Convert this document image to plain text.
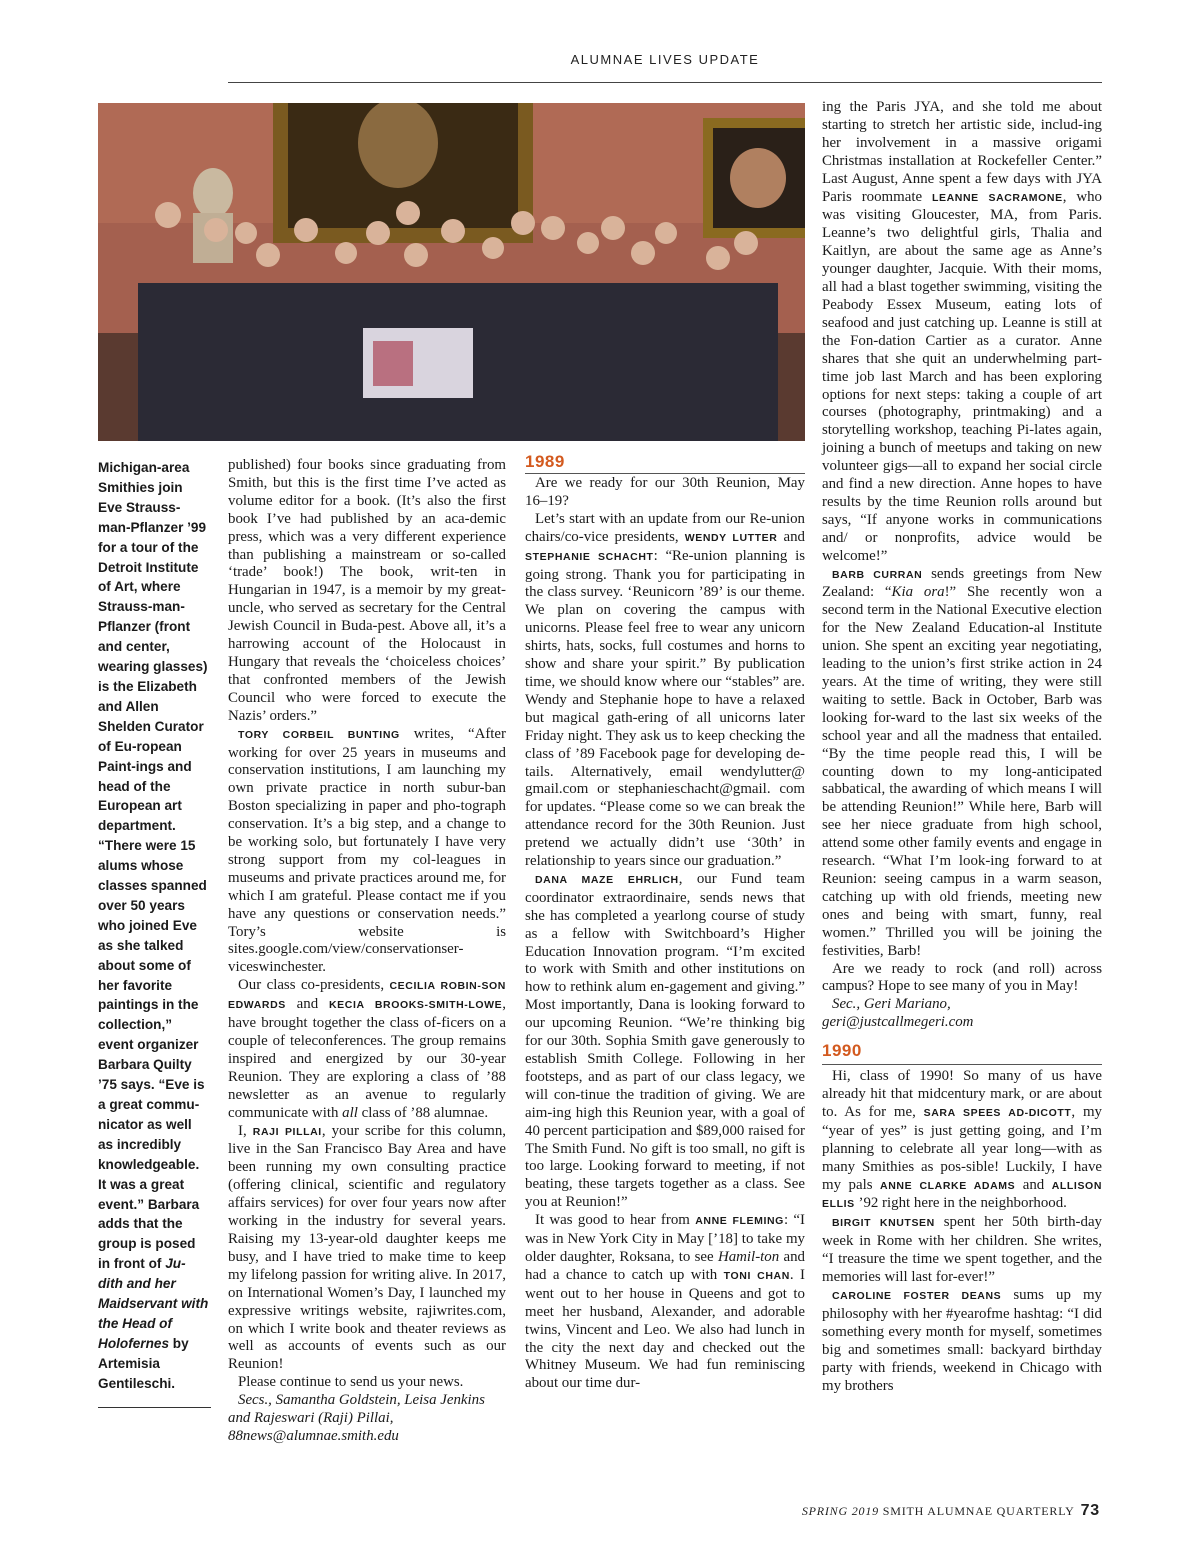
ALUMNAE LIVES UPDATE
Michigan-area Smithies join Eve Strauss-man-Pflanzer ’99 for a tour of the Detroit Institute of Art, where Strauss-man-Pflanzer (front and center, wearing glasses) is the Elizabeth and Allen Shelden Curator of Eu-ropean Paint-ings and head of the European art department. “There were 15 alums whose classes spanned over 50 years who joined Eve as she talked about some of her favorite paintings in the collection,” event organizer Barbara Quilty ’75 says. “Eve is a great commu-nicator as well as incredibly knowledgeable. It was a great event.” Barbara adds that the group is posed in front of Ju-dith and her Maidservant with the Head of Holofernes by Artemisia Gentileschi.

published) four books since graduating from Smith, but this is the first time I’ve acted as volume editor for a book. (It’s also the first book I’ve had published by an aca-demic press, which was a very different experience than publishing a mainstream or so-called ‘trade’ book!) The book, writ-ten in Hungarian in 1947, is a memoir by my great-uncle, who served as secretary for the Central Jewish Council in Buda-pest. Above all, it’s a harrowing account of the Holocaust in Hungary that reveals the ‘choiceless choices’ that confronted members of the Jewish Council who were forced to execute the Nazis’ orders.”

TORY CORBEIL BUNTING writes, “After working for over 25 years in museums and conservation institutions, I am launching my own private practice in north subur-ban Boston specializing in paper and pho-tograph conservation. It’s a big step, and a change to be working solo, but fortunately I have very strong support from my col-leagues in museums and private practices around me, for which I am grateful. Please contact me if you have any questions or conservation needs.” Tory’s website is sites.google.com/view/conservationser-viceswinchester.

Our class co-presidents, CECILIA ROBIN-SON EDWARDS and KECIA BROOKS-SMITH-LOWE, have brought together the class of-ficers on a couple of teleconferences. The group remains inspired and energized by our 30-year Reunion. They are exploring a class of ’88 newsletter as an avenue to regularly communicate with all class of ’88 alumnae.

I, RAJI PILLAI, your scribe for this column, live in the San Francisco Bay Area and have been running my own consulting practice (offering clinical, scientific and regulatory affairs services) for over four years now after working in the industry for several years. Raising my 13-year-old daughter keeps me busy, and I have tried to make time to keep my lifelong passion for writing alive. In 2017, on International Women’s Day, I launched my expressive writings website, rajiwrites.com, on which I write book and theater reviews as well as accounts of events such as our Reunion!

Please continue to send us your news.

Secs., Samantha Goldstein, Leisa Jenkins and Rajeswari (Raji) Pillai, 88news@alumnae.smith.edu

1989

Are we ready for our 30th Reunion, May 16–19?

Let’s start with an update from our Re-union chairs/co-vice presidents, WENDY LUTTER and STEPHANIE SCHACHT: “Re-union planning is going strong. Thank you for participating in the class survey. ‘Reunicorn ’89’ is our theme. We plan on covering the campus with unicorns. Please feel free to wear any unicorn shirts, hats, socks, full costumes and horns to show and share your spirit.” By publication time, we should know where our “stables” are. Wendy and Stephanie hope to have a relaxed but magical gath-ering of all unicorns later Friday night. They ask us to keep checking the class of ’89 Facebook page for developing de-tails. Alternatively, email wendylutter@ gmail.com or stephanieschacht@gmail. com for updates. “Please come so we can break the attendance record for the 30th Reunion. Just pretend we actually didn’t use ‘30th’ in relationship to years since our graduation.”

DANA MAZE EHRLICH, our Fund team coordinator extraordinaire, sends news that she has completed a yearlong course of study as a fellow with Switchboard’s Higher Education Innovation program. “I’m excited to work with Smith and other institutions on how to rethink alum en-gagement and giving.” Most importantly, Dana is looking forward to our upcoming Reunion. “We’re thinking big for our 30th. Sophia Smith gave generously to establish Smith College. Following in her footsteps, and as part of our class legacy, we will con-tinue the tradition of giving. We are aim-ing high this Reunion year, with a goal of 40 percent participation and $89,000 raised for The Smith Fund. No gift is too small, no gift is too large. Looking forward to meeting, if not beating, these targets together as a class. See you at Reunion!”

It was good to hear from ANNE FLEMING: “I was in New York City in May [’18] to take my older daughter, Roksana, to see Hamil-ton and had a chance to catch up with TONI CHAN. I went out to her house in Queens and got to meet her husband, Alexander, and adorable twins, Vincent and Leo. We also had lunch in the city the next day and checked out the Whitney Museum. We had fun reminiscing about our time dur-

ing the Paris JYA, and she told me about starting to stretch her artistic side, includ-ing her involvement in a massive origami Christmas installation at Rockefeller Center.” Last August, Anne spent a few days with JYA Paris roommate LEANNE SACRAMONE, who was visiting Gloucester, MA, from Paris. Leanne’s two delightful girls, Thalia and Kaitlyn, are about the same age as Anne’s younger daughter, Jacquie. With their moms, all had a blast together swimming, visiting the Peabody Essex Museum, eating lots of seafood and just catching up. Leanne is still at the Fon-dation Cartier as a curator. Anne shares that she quit an underwhelming part-time job last March and has been exploring options for next steps: taking a couple of art courses (photography, printmaking) and a storytelling workshop, teaching Pi-lates again, joining a bunch of meetups and taking on new volunteer gigs—all to expand her social circle and find a new direction. Anne hopes to have results by the time Reunion rolls around but says, “If anyone works in communications and/ or nonprofits, advice would be welcome!”

BARB CURRAN sends greetings from New Zealand: “Kia ora!” She recently won a second term in the National Executive election for the New Zealand Education-al Institute union. She spent an exciting year negotiating, leading to the union’s first strike action in 24 years. At the time of writing, they were still waiting to settle. Back in October, Barb was looking for-ward to the last six weeks of the school year and all the madness that entailed. “By the time people read this, I will be counting down to my long-anticipated sabbatical, the awarding of which means I will be attending Reunion!” While here, Barb will see her niece graduate from high school, attend some other family events and engage in research. “What I’m look-ing forward to at Reunion: seeing campus in a warm season, catching up with old friends, meeting new ones and being with smart, funny, real women.” Thrilled you will be joining the festivities, Barb!

Are we ready to rock (and roll) across campus? Hope to see many of you in May!

Sec., Geri Mariano, geri@justcallmegeri.com

1990

Hi, class of 1990! So many of us have already hit that midcentury mark, or are about to. As for me, SARA SPEES AD-DICOTT, my “year of yes” is just getting going, and I’m planning to celebrate all year long—with as many Smithies as pos-sible! Luckily, I have my pals ANNE CLARKE ADAMS and ALLISON ELLIS ’92 right here in the neighborhood.

BIRGIT KNUTSEN spent her 50th birth-day week in Rome with her children. She writes, “I treasure the time we spent together, and the memories will last for-ever!”

CAROLINE FOSTER DEANS sums up my philosophy with her #yearofme hashtag: “I did something every month for myself, sometimes big and sometimes small: backyard birthday party with friends, weekend in Chicago with my brothers

SPRING 2019 SMITH ALUMNAE QUARTERLY 73
